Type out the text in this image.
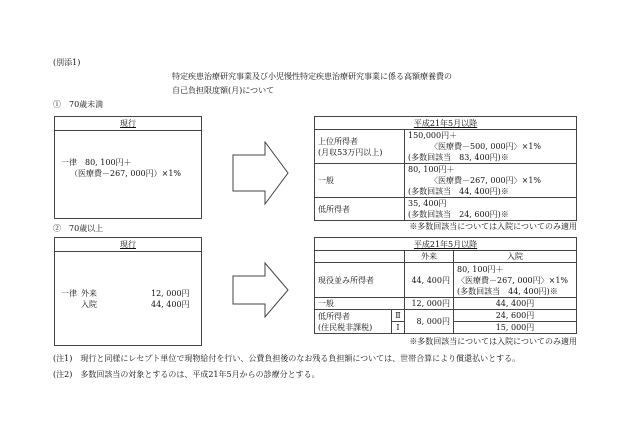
(別添1)
特定疾患治療研究事業及び小児慢性特定疾患治療研究事業に係る高額療養費の
自己負担限度額(月)について
①　70歳未満
現行
一律　80, 100円＋
（医療費－267, 000円）×1%
平成21年5月以降	
上位所得者
(月収53万円以上)	150,000円＋

〈医療費－500, 000円〉×1%
(多数回該当　83, 400円)※
一般	80, 100円＋

〈医療費－267, 000円〉×1%
(多数回該当　44, 400円)※
低所得者	35, 400円
(多数回該当　24, 600円)※
※多数回該当については入院についてのみ適用
②　70歳以上
現行
一律 外来	12, 000円
入院	44, 400円
平成21年5月以降			
		外来	入院
現役並み所得者		44, 400円	80, 100円＋
〈医療費－267, 000円〉×1%
(多数回該当　44, 400円)※
一般		12, 000円	44, 400円
低所得者
(住民税非課税)	Ⅱ	8, 000円	24, 600円
	Ⅰ		15, 000円
※多数回該当については入院についてのみ適用
(注1)　現行と同様にレセプト単位で現物給付を行い、公費負担後のなお残る負担額については、世帯合算により償還払いとする。
(注2)　多数回該当の対象とするのは、平成21年5月からの診療分とする。
